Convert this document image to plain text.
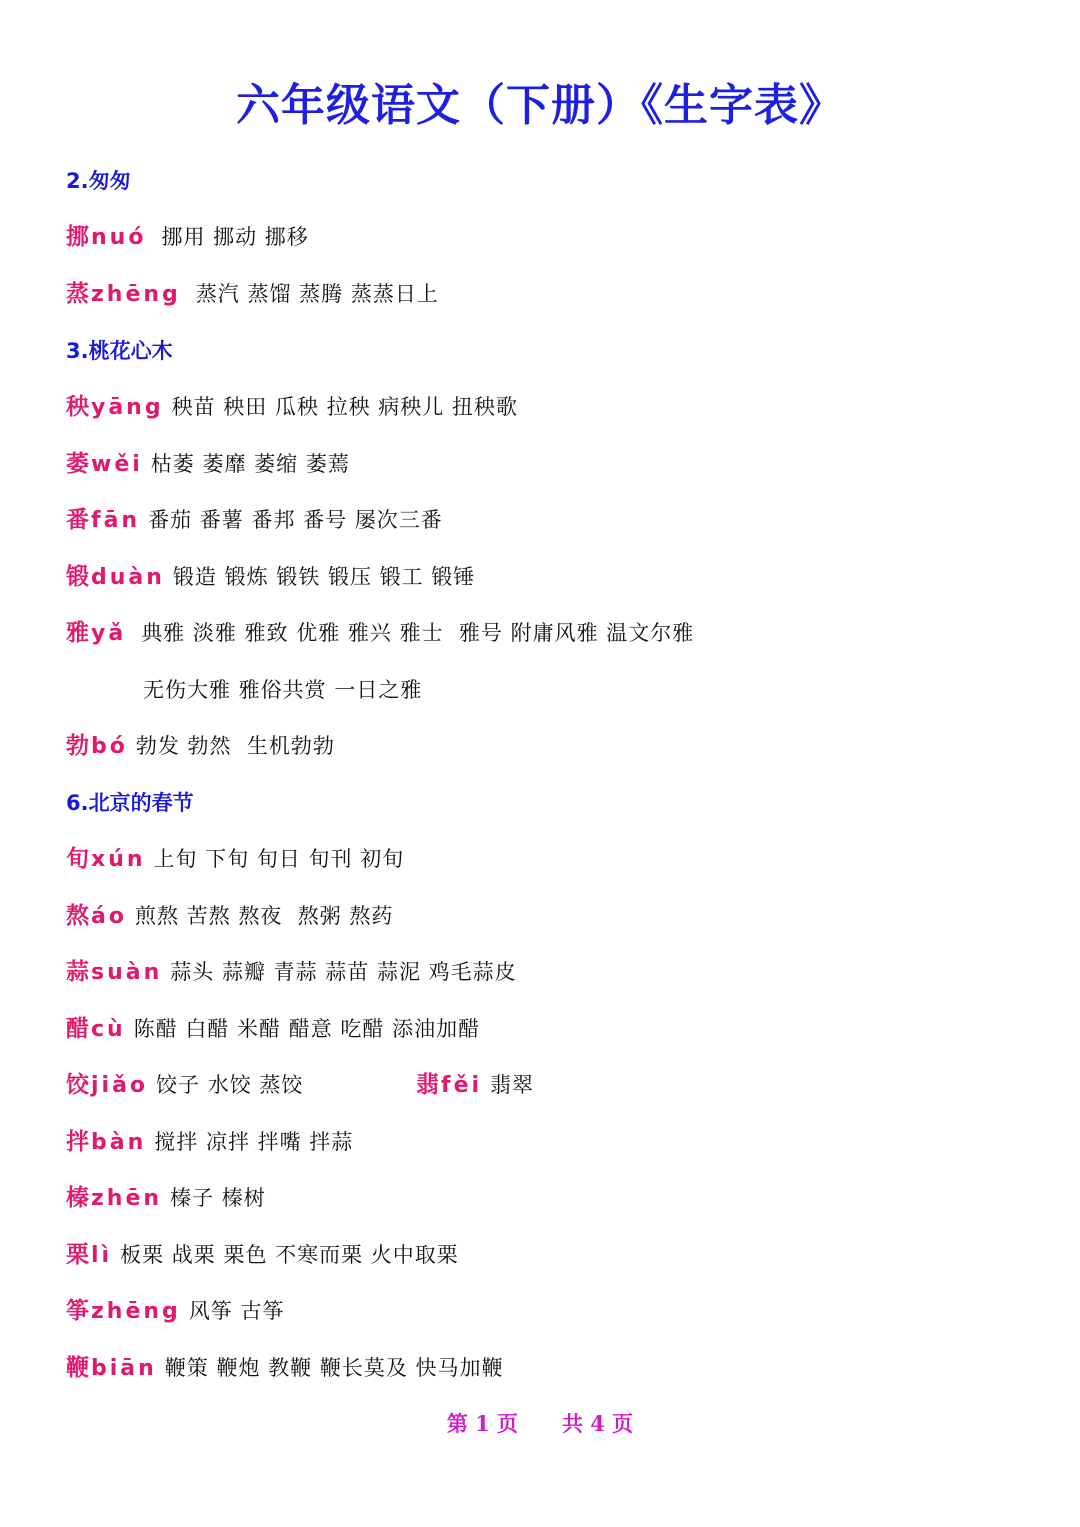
六年级语文（下册）《生字表》
2.匆匆
挪nuó 挪用 挪动 挪移
蒸zhēng 蒸汽 蒸馏 蒸腾 蒸蒸日上
3.桃花心木
秧yāng 秧苗 秧田 瓜秧 拉秧 病秧儿 扭秧歌
萎wěi 枯萎 萎靡 萎缩 萎蔫
番fān 番茄 番薯 番邦 番号 屡次三番
锻duàn 锻造 锻炼 锻铁 锻压 锻工 锻锤
雅yǎ 典雅 淡雅 雅致 优雅 雅兴 雅士  雅号 附庸风雅 温文尔雅
无伤大雅 雅俗共赏 一日之雅
勃bó 勃发 勃然  生机勃勃
6.北京的春节
旬xún 上旬 下旬 旬日 旬刊 初旬
熬áo 煎熬 苦熬 熬夜  熬粥 熬药
蒜suàn 蒜头 蒜瓣 青蒜 蒜苗 蒜泥 鸡毛蒜皮
醋cù 陈醋 白醋 米醋 醋意 吃醋 添油加醋
饺jiǎo 饺子 水饺 蒸饺	翡fěi 翡翠
拌bàn 搅拌 凉拌 拌嘴 拌蒜
榛zhēn 榛子 榛树
栗lì 板栗 战栗 栗色 不寒而栗 火中取栗
筝zhēng 风筝 古筝
鞭biān 鞭策 鞭炮 教鞭 鞭长莫及 快马加鞭
第 1 页 共 4 页
